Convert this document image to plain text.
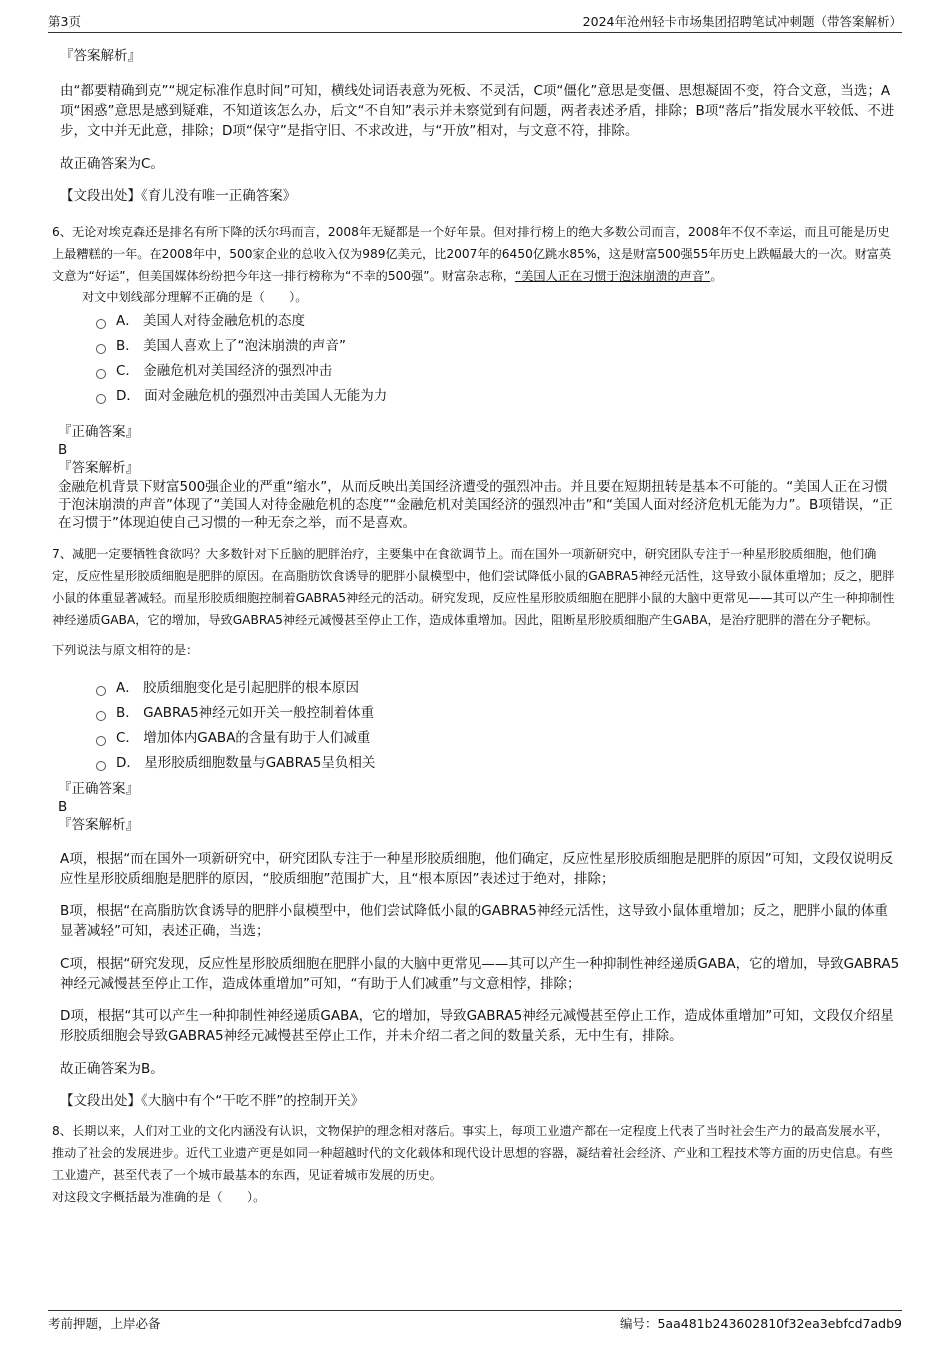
第3页	2024年沧州轻卡市场集团招聘笔试冲刺题（带答案解析）

『答案解析』

由“都要精确到克”“规定标准作息时间”可知，横线处词语表意为死板、不灵活，C项“僵化”意思是变僵、思想凝固不变，符合文意，当选；A项“困惑”意思是感到疑难，不知道该怎么办，后文“不自知”表示并未察觉到有问题，两者表述矛盾，排除；B项“落后”指发展水平较低、不进步，文中并无此意，排除；D项“保守”是指守旧、不求改进，与“开放”相对，与文意不符，排除。

故正确答案为C。

【文段出处】《育儿没有唯一正确答案》

6、无论对埃克森还是排名有所下降的沃尔玛而言，2008年无疑都是一个好年景。但对排行榜上的绝大多数公司而言，2008年不仅不幸运，而且可能是历史上最糟糕的一年。在2008年中，500家企业的总收入仅为989亿美元，比2007年的6450亿跳水85%，这是财富500强55年历史上跌幅最大的一次。财富英文意为“好运”，但美国媒体纷纷把今年这一排行榜称为“不幸的500强”。财富杂志称，“美国人正在习惯于泡沫崩溃的声音”。

对文中划线部分理解不正确的是（　　）。

A． 美国人对待金融危机的态度
B． 美国人喜欢上了“泡沫崩溃的声音”
C． 金融危机对美国经济的强烈冲击
D． 面对金融危机的强烈冲击美国人无能为力

『正确答案』

B

『答案解析』

金融危机背景下财富500强企业的严重“缩水”，从而反映出美国经济遭受的强烈冲击。并且要在短期扭转是基本不可能的。“美国人正在习惯于泡沫崩溃的声音”体现了“美国人对待金融危机的态度”“金融危机对美国经济的强烈冲击”和“美国人面对经济危机无能为力”。B项错误，“正在习惯于”体现迫使自己习惯的一种无奈之举，而不是喜欢。

7、减肥一定要牺牲食欲吗？大多数针对下丘脑的肥胖治疗，主要集中在食欲调节上。而在国外一项新研究中，研究团队专注于一种星形胶质细胞，他们确定，反应性星形胶质细胞是肥胖的原因。在高脂肪饮食诱导的肥胖小鼠模型中，他们尝试降低小鼠的GABRA5神经元活性，这导致小鼠体重增加；反之，肥胖小鼠的体重显著减轻。而星形胶质细胞控制着GABRA5神经元的活动。研究发现，反应性星形胶质细胞在肥胖小鼠的大脑中更常见——其可以产生一种抑制性神经递质GABA，它的增加，导致GABRA5神经元减慢甚至停止工作，造成体重增加。因此，阻断星形胶质细胞产生GABA，是治疗肥胖的潜在分子靶标。

下列说法与原文相符的是：

A． 胶质细胞变化是引起肥胖的根本原因
B． GABRA5神经元如开关一般控制着体重
C． 增加体内GABA的含量有助于人们减重
D． 星形胶质细胞数量与GABRA5呈负相关

『正确答案』

B

『答案解析』

A项，根据“而在国外一项新研究中，研究团队专注于一种星形胶质细胞，他们确定，反应性星形胶质细胞是肥胖的原因”可知，文段仅说明反应性星形胶质细胞是肥胖的原因，“胶质细胞”范围扩大，且“根本原因”表述过于绝对，排除；

B项，根据“在高脂肪饮食诱导的肥胖小鼠模型中，他们尝试降低小鼠的GABRA5神经元活性，这导致小鼠体重增加；反之，肥胖小鼠的体重显著减轻”可知，表述正确，当选；

C项，根据“研究发现，反应性星形胶质细胞在肥胖小鼠的大脑中更常见——其可以产生一种抑制性神经递质GABA，它的增加，导致GABRA5神经元减慢甚至停止工作，造成体重增加”可知，“有助于人们减重”与文意相悖，排除；

D项，根据“其可以产生一种抑制性神经递质GABA，它的增加，导致GABRA5神经元减慢甚至停止工作，造成体重增加”可知，文段仅介绍星形胶质细胞会导致GABRA5神经元减慢甚至停止工作，并未介绍二者之间的数量关系，无中生有，排除。

故正确答案为B。

【文段出处】《大脑中有个“干吃不胖”的控制开关》

8、长期以来，人们对工业的文化内涵没有认识，文物保护的理念相对落后。事实上，每项工业遗产都在一定程度上代表了当时社会生产力的最高发展水平，推动了社会的发展进步。近代工业遗产更是如同一种超越时代的文化载体和现代设计思想的容器，凝结着社会经济、产业和工程技术等方面的历史信息。有些工业遗产，甚至代表了一个城市最基本的东西，见证着城市发展的历史。

对这段文字概括最为准确的是（　　）。

考前押题，上岸必备	编号：5aa481b243602810f32ea3ebfcd7adb9
